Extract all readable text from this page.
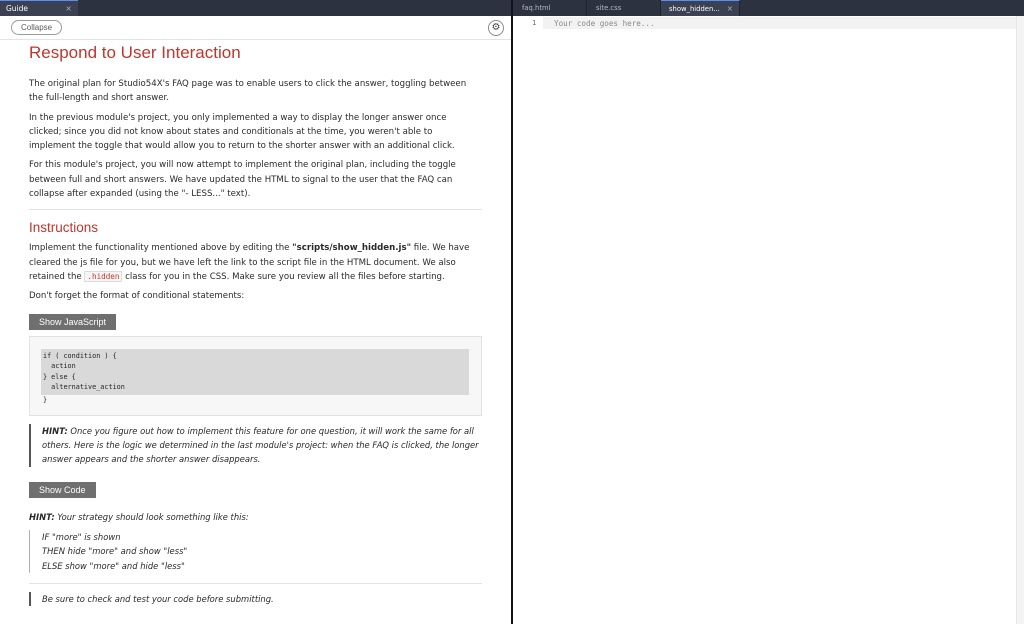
Guide	×
Collapse	⚙
Respond to User Interaction

The original plan for Studio54X's FAQ page was to enable users to click the answer, toggling between the full-length and short answer.

In the previous module's project, you only implemented a way to display the longer answer once clicked; since you did not know about states and conditionals at the time, you weren't able to implement the toggle that would allow you to return to the shorter answer with an additional click.

For this module's project, you will now attempt to implement the original plan, including the toggle between full and short answers. We have updated the HTML to signal to the user that the FAQ can collapse after expanded (using the "- LESS..." text).

Instructions

Implement the functionality mentioned above by editing the "scripts/show_hidden.js" file. We have cleared the js file for you, but we have left the link to the script file in the HTML document. We also retained the .hidden class for you in the CSS. Make sure you review all the files before starting.

Don't forget the format of conditional statements:

Show JavaScript
if ( condition ) {
action
} else {
alternative_action
}
HINT: Once you figure out how to implement this feature for one question, it will work the same for all others. Here is the logic we determined in the last module's project: when the FAQ is clicked, the longer answer appears and the shorter answer disappears.
Show Code
HINT: Your strategy should look something like this:
IF "more" is shown
THEN hide "more" and show "less"
ELSE show "more" and hide "less"
Be sure to check and test your code before submitting.
faq.html	site.css	show_hidden... ×
1 Your code goes here...
